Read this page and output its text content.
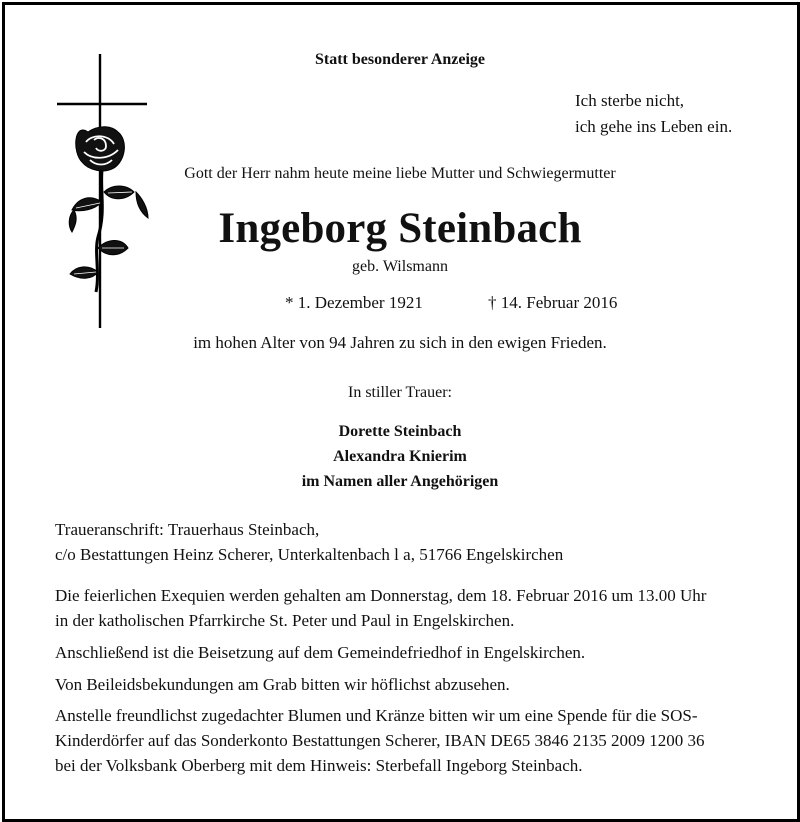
Statt besonderer Anzeige
Ich sterbe nicht,
ich gehe ins Leben ein.
Gott der Herr nahm heute meine liebe Mutter und Schwiegermutter
Ingeborg Steinbach
geb. Wilsmann
* 1. Dezember 1921	† 14. Februar 2016
im hohen Alter von 94 Jahren zu sich in den ewigen Frieden.
In stiller Trauer:
Dorette Steinbach
Alexandra Knierim
im Namen aller Angehörigen
Traueranschrift: Trauerhaus Steinbach,
c/o Bestattungen Heinz Scherer, Unterkaltenbach l a, 51766 Engelskirchen
Die feierlichen Exequien werden gehalten am Donnerstag, dem 18. Februar 2016 um 13.00 Uhr
in der katholischen Pfarrkirche St. Peter und Paul in Engelskirchen.
Anschließend ist die Beisetzung auf dem Gemeindefriedhof in Engelskirchen.
Von Beileidsbekundungen am Grab bitten wir höflichst abzusehen.
Anstelle freundlichst zugedachter Blumen und Kränze bitten wir um eine Spende für die SOS-
Kinderdörfer auf das Sonderkonto Bestattungen Scherer, IBAN DE65 3846 2135 2009 1200 36
bei der Volksbank Oberberg mit dem Hinweis: Sterbefall Ingeborg Steinbach.
